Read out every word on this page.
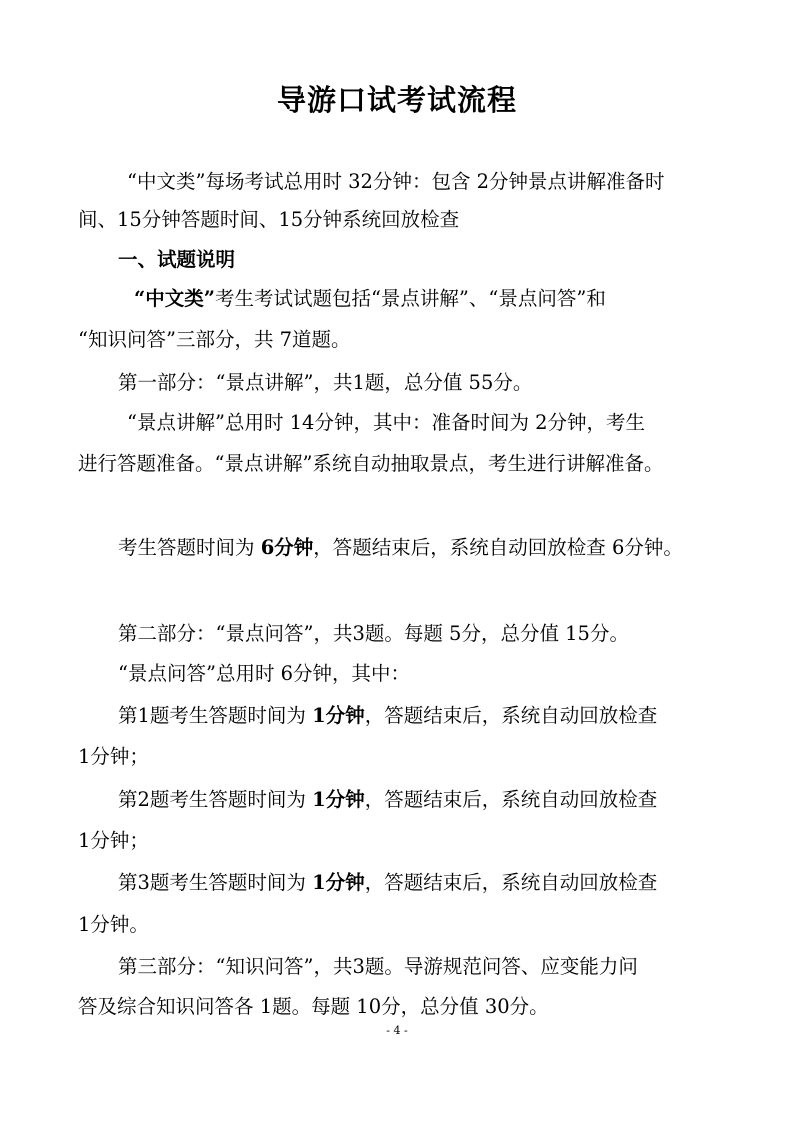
导游口试考试流程
“中文类”每场考试总用时 32分钟：包含 2分钟景点讲解准备时
间、15分钟答题时间、15分钟系统回放检查
一、试题说明
“中文类”考生考试试题包括“景点讲解”、“景点问答”和
“知识问答”三部分，共 7道题。
第一部分：“景点讲解”，共1题，总分值 55分。
“景点讲解”总用时 14分钟，其中：准备时间为 2分钟，考生
进行答题准备。“景点讲解”系统自动抽取景点，考生进行讲解准备。
考生答题时间为 6分钟，答题结束后，系统自动回放检查 6分钟。
第二部分：“景点问答”，共3题。每题 5分，总分值 15分。
“景点问答”总用时 6分钟，其中：
第1题考生答题时间为 1分钟，答题结束后，系统自动回放检查
1分钟；
第2题考生答题时间为 1分钟，答题结束后，系统自动回放检查
1分钟；
第3题考生答题时间为 1分钟，答题结束后，系统自动回放检查
1分钟。
第三部分：“知识问答”，共3题。导游规范问答、应变能力问
答及综合知识问答各 1题。每题 10分，总分值 30分。
- 4 -
